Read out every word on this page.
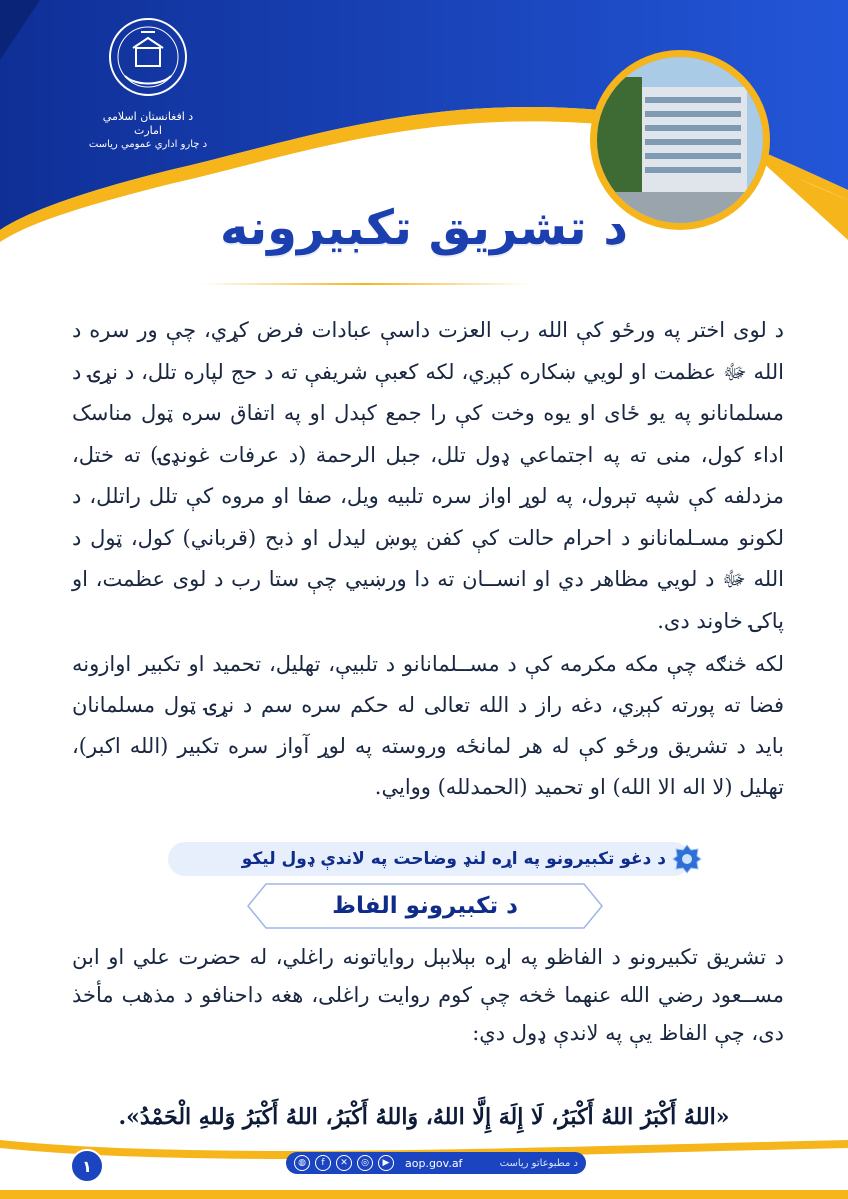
د افغانستان اسلامي امارت
د چارو اداري عمومي رياست
د تشريق تکبيرونه
د لوی اختر په ورځو کې الله رب العزت داسې عبادات فرض کړي، چې ور سره د الله ﷻ عظمت او لويي ښکاره کېږي، لکه کعبې شريفې ته د حج لپاره تلل، د نړۍ د مسلمانانو په يو ځای او يوه وخت کې را جمع کېدل او په اتفاق سره ټول مناسک اداء کول، منی ته په اجتماعي ډول تلل، جبل الرحمة (د عرفات غونډۍ) ته ختل، مزدلفه کې شپه تېرول، په لوړ اواز سره تلبيه ويل، صفا او مروه کې تلل راتلل، د لکونو مسـلمانانو د احرام حالت کې کفن پوښ ليدل او ذبح (قرباني) کول، ټول د الله ﷻ د لويي مظاهر دي او انســان ته دا ورښيي چې ستا رب د لوی عظمت، او پاکۍ خاوند دی.
لکه څنګه چې مکه مکرمه کې د مســلمانانو د تلبيې، تهليل، تحميد او تکبير اوازونه فضا ته پورته کېږي، دغه راز د الله تعالی له حکم سره سم د نړۍ ټول مسلمانان بايد د تشريق ورځو کې له هر لمانځه وروسته په لوړ آواز سره تکبير (الله اکبر)، تهليل (لا اله الا الله) او تحميد (الحمدلله) ووايي.
د دغو تکبيرونو په اړه لنډ وضاحت په لاندې ډول ليکو
د تکبيرونو الفاظ
د تشريق تکبيرونو د الفاظو په اړه بېلابېل رواياتونه راغلي، له حضرت علي او ابن مســعود رضي الله عنهما څخه چې کوم روايت راغلی، هغه داحنافو د مذهب مأخذ دی، چې الفاظ يې په لاندې ډول دي:
«اللهُ أَكْبَرُ اللهُ أَكْبَرُ، لَا إِلَهَ إِلَّا اللهُ، وَاللهُ أَكْبَرُ، اللهُ أَكْبَرُ وَللهِ الْحَمْدُ».
١	◍	f	✕	◎	▶	aop.gov.af	د مطبوعاتو رياست
